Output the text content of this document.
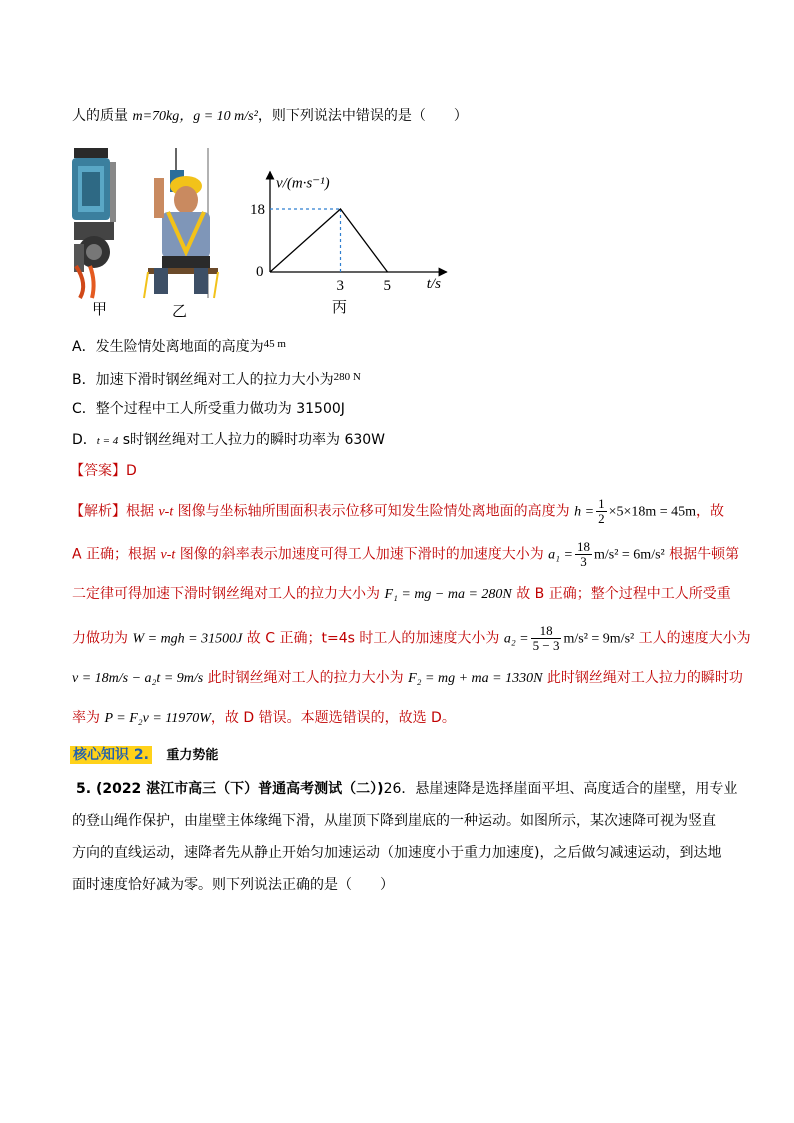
人的质量 m=70kg，g = 10 m/s²，则下列说法中错误的是（　　）
甲	乙
v/(m·s⁻¹)
t/s
0
18
3	5
丙
A．发生险情处离地面的高度为$^{45 m}$
B．加速下滑时钢丝绳对工人的拉力大小为$^{280 N}$
C．整个过程中工人所受重力做功为 31500J
D．t = 4 s时钢丝绳对工人拉力的瞬时功率为 630W
【答案】D
【解析】根据 v-t 图像与坐标轴所围面积表示位移可知发生险情处离地面的高度为 $h = \frac{1}{2} \times 5\times 18m = 45m$，故
A 正确；根据 v-t 图像的斜率表示加速度可得工人加速下滑时的加速度大小为 $a_1 = \frac{18}{3} m/s^2 = 6m/s^2$ 根据牛顿第
二定律可得加速下滑时钢丝绳对工人的拉力大小为 F₁ = mg − ma = 280N 故 B 正确；整个过程中工人所受重
力做功为 W = mgh = 31500J 故 C 正确；t=4s 时工人的加速度大小为 $a_2 = \frac{18}{5 - 3} m/s^2 = 9m/s^2$ 工人的速度大小为
v = 18m/s − a₂t = 9m/s 此时钢丝绳对工人的拉力大小为 F₂ = mg + ma = 1330N 此时钢丝绳对工人拉力的瞬时功
率为 P = F₂v = 11970W，故 D 错误。本题选错误的，故选 D。
核心知识 2. 重力势能
5. (2022 湛江市高三（下）普通高考测试（二）)26．悬崖速降是选择崖面平坦、高度适合的崖壁，用专业
的登山绳作保护，由崖壁主体缘绳下滑，从崖顶下降到崖底的一种运动。如图所示，某次速降可视为竖直
方向的直线运动，速降者先从静止开始匀加速运动（加速度小于重力加速度)，之后做匀减速运动，到达地
面时速度恰好减为零。则下列说法正确的是（　　）
